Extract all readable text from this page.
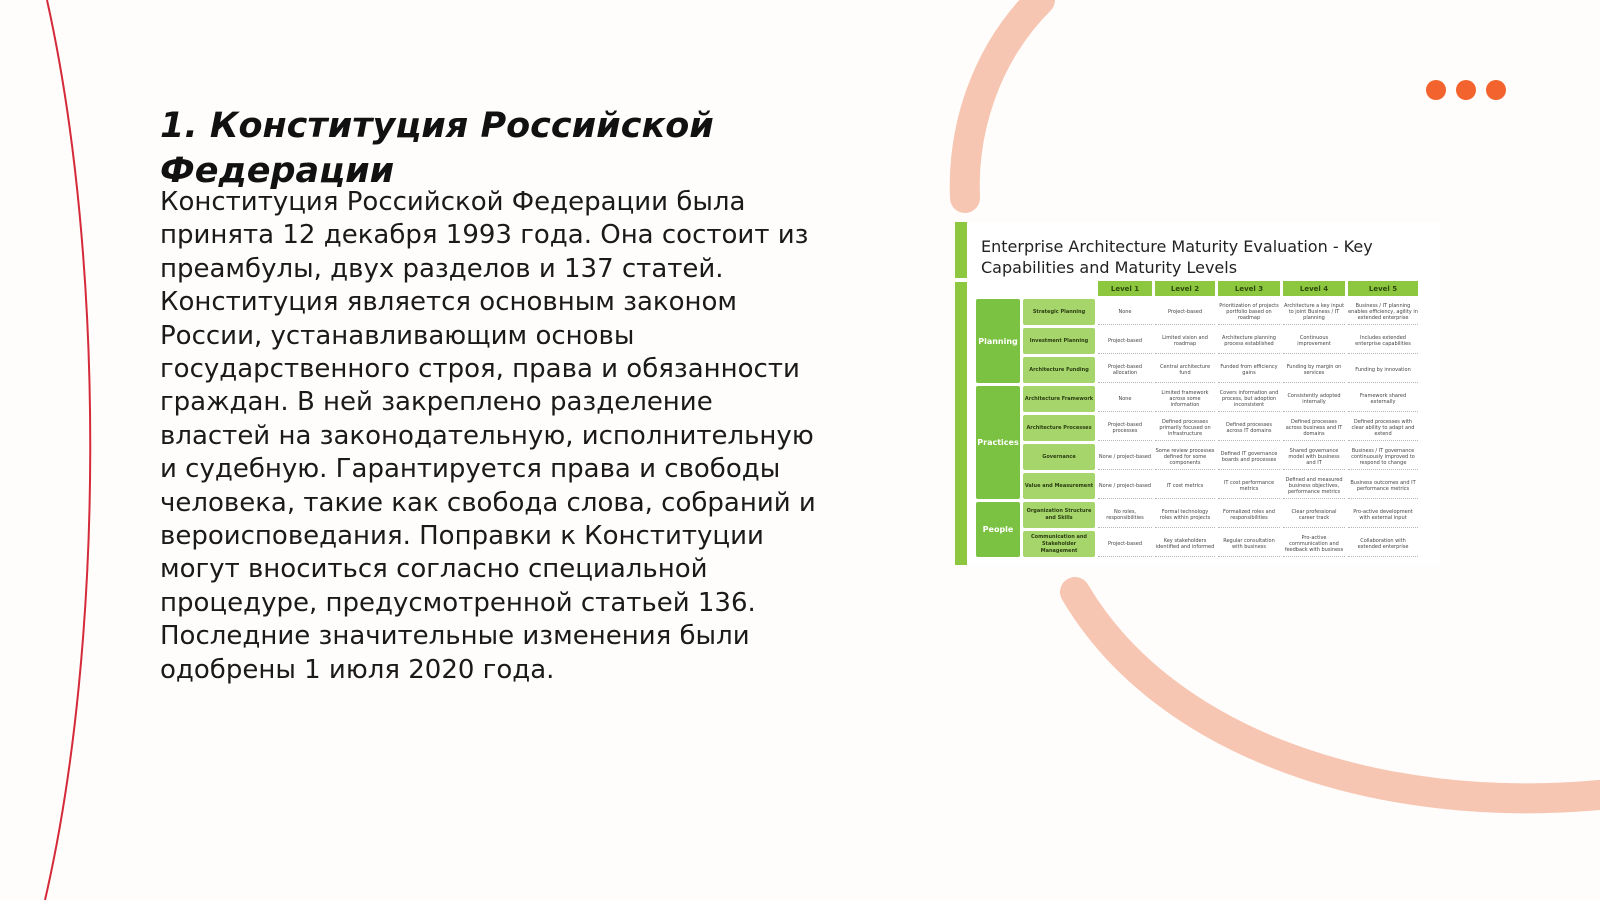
1. Конституция Российской Федерации

Конституция Российской Федерации была принята 12 декабря 1993 года. Она состоит из преамбулы, двух разделов и 137 статей. Конституция является основным законом России, устанавливающим основы государственного строя, права и обязанности граждан. В ней закреплено разделение властей на законодательную, исполнительную и судебную. Гарантируется права и свободы человека, такие как свобода слова, собраний и вероисповедания. Поправки к Конституции могут вноситься согласно специальной процедуре, предусмотренной статьей 136. Последние значительные изменения были одобрены 1 июля 2020 года.

Enterprise Architecture Maturity Evaluation - Key Capabilities and Maturity Levels

		Level 1	Level 2	Level 3	Level 4	Level 5
Planning	Strategic Planning	None	Project-based	Prioritization of projects portfolio based on roadmap	Architecture a key input to joint Business / IT planning	Business / IT planning enables efficiency, agility in extended enterprise
	Investment Planning	Project-based	Limited vision and roadmap	Architecture planning process established	Continuous improvement	Includes extended enterprise capabilities
	Architecture Funding	Project-based allocation	Central architecture fund	Funded from efficiency gains	Funding by margin on services	Funding by innovation
Practices	Architecture Framework	None	Limited framework across some information	Covers information and process, but adoption inconsistent	Consistently adopted internally	Framework shared externally
	Architecture Processes	Project-based processes	Defined processes primarily focused on infrastructure	Defined processes across IT domains	Defined processes across business and IT domains	Defined processes with clear ability to adapt and extend
	Governance	None / project-based	Some review processes defined for some components	Defined IT governance boards and processes	Shared governance model with business and IT	Business / IT governance continuously improved to respond to change
	Value and Measurement	None / project-based	IT cost metrics	IT cost performance metrics	Defined and measured business objectives, performance metrics	Business outcomes and IT performance metrics
People	Organization Structure and Skills	No roles, responsibilities	Formal technology roles within projects	Formalized roles and responsibilities	Clear professional career track	Pro-active development with external input
	Communication and Stakeholder Management	Project-based	Key stakeholders identified and informed	Regular consultation with business	Pro-active communication and feedback with business	Collaboration with extended enterprise
